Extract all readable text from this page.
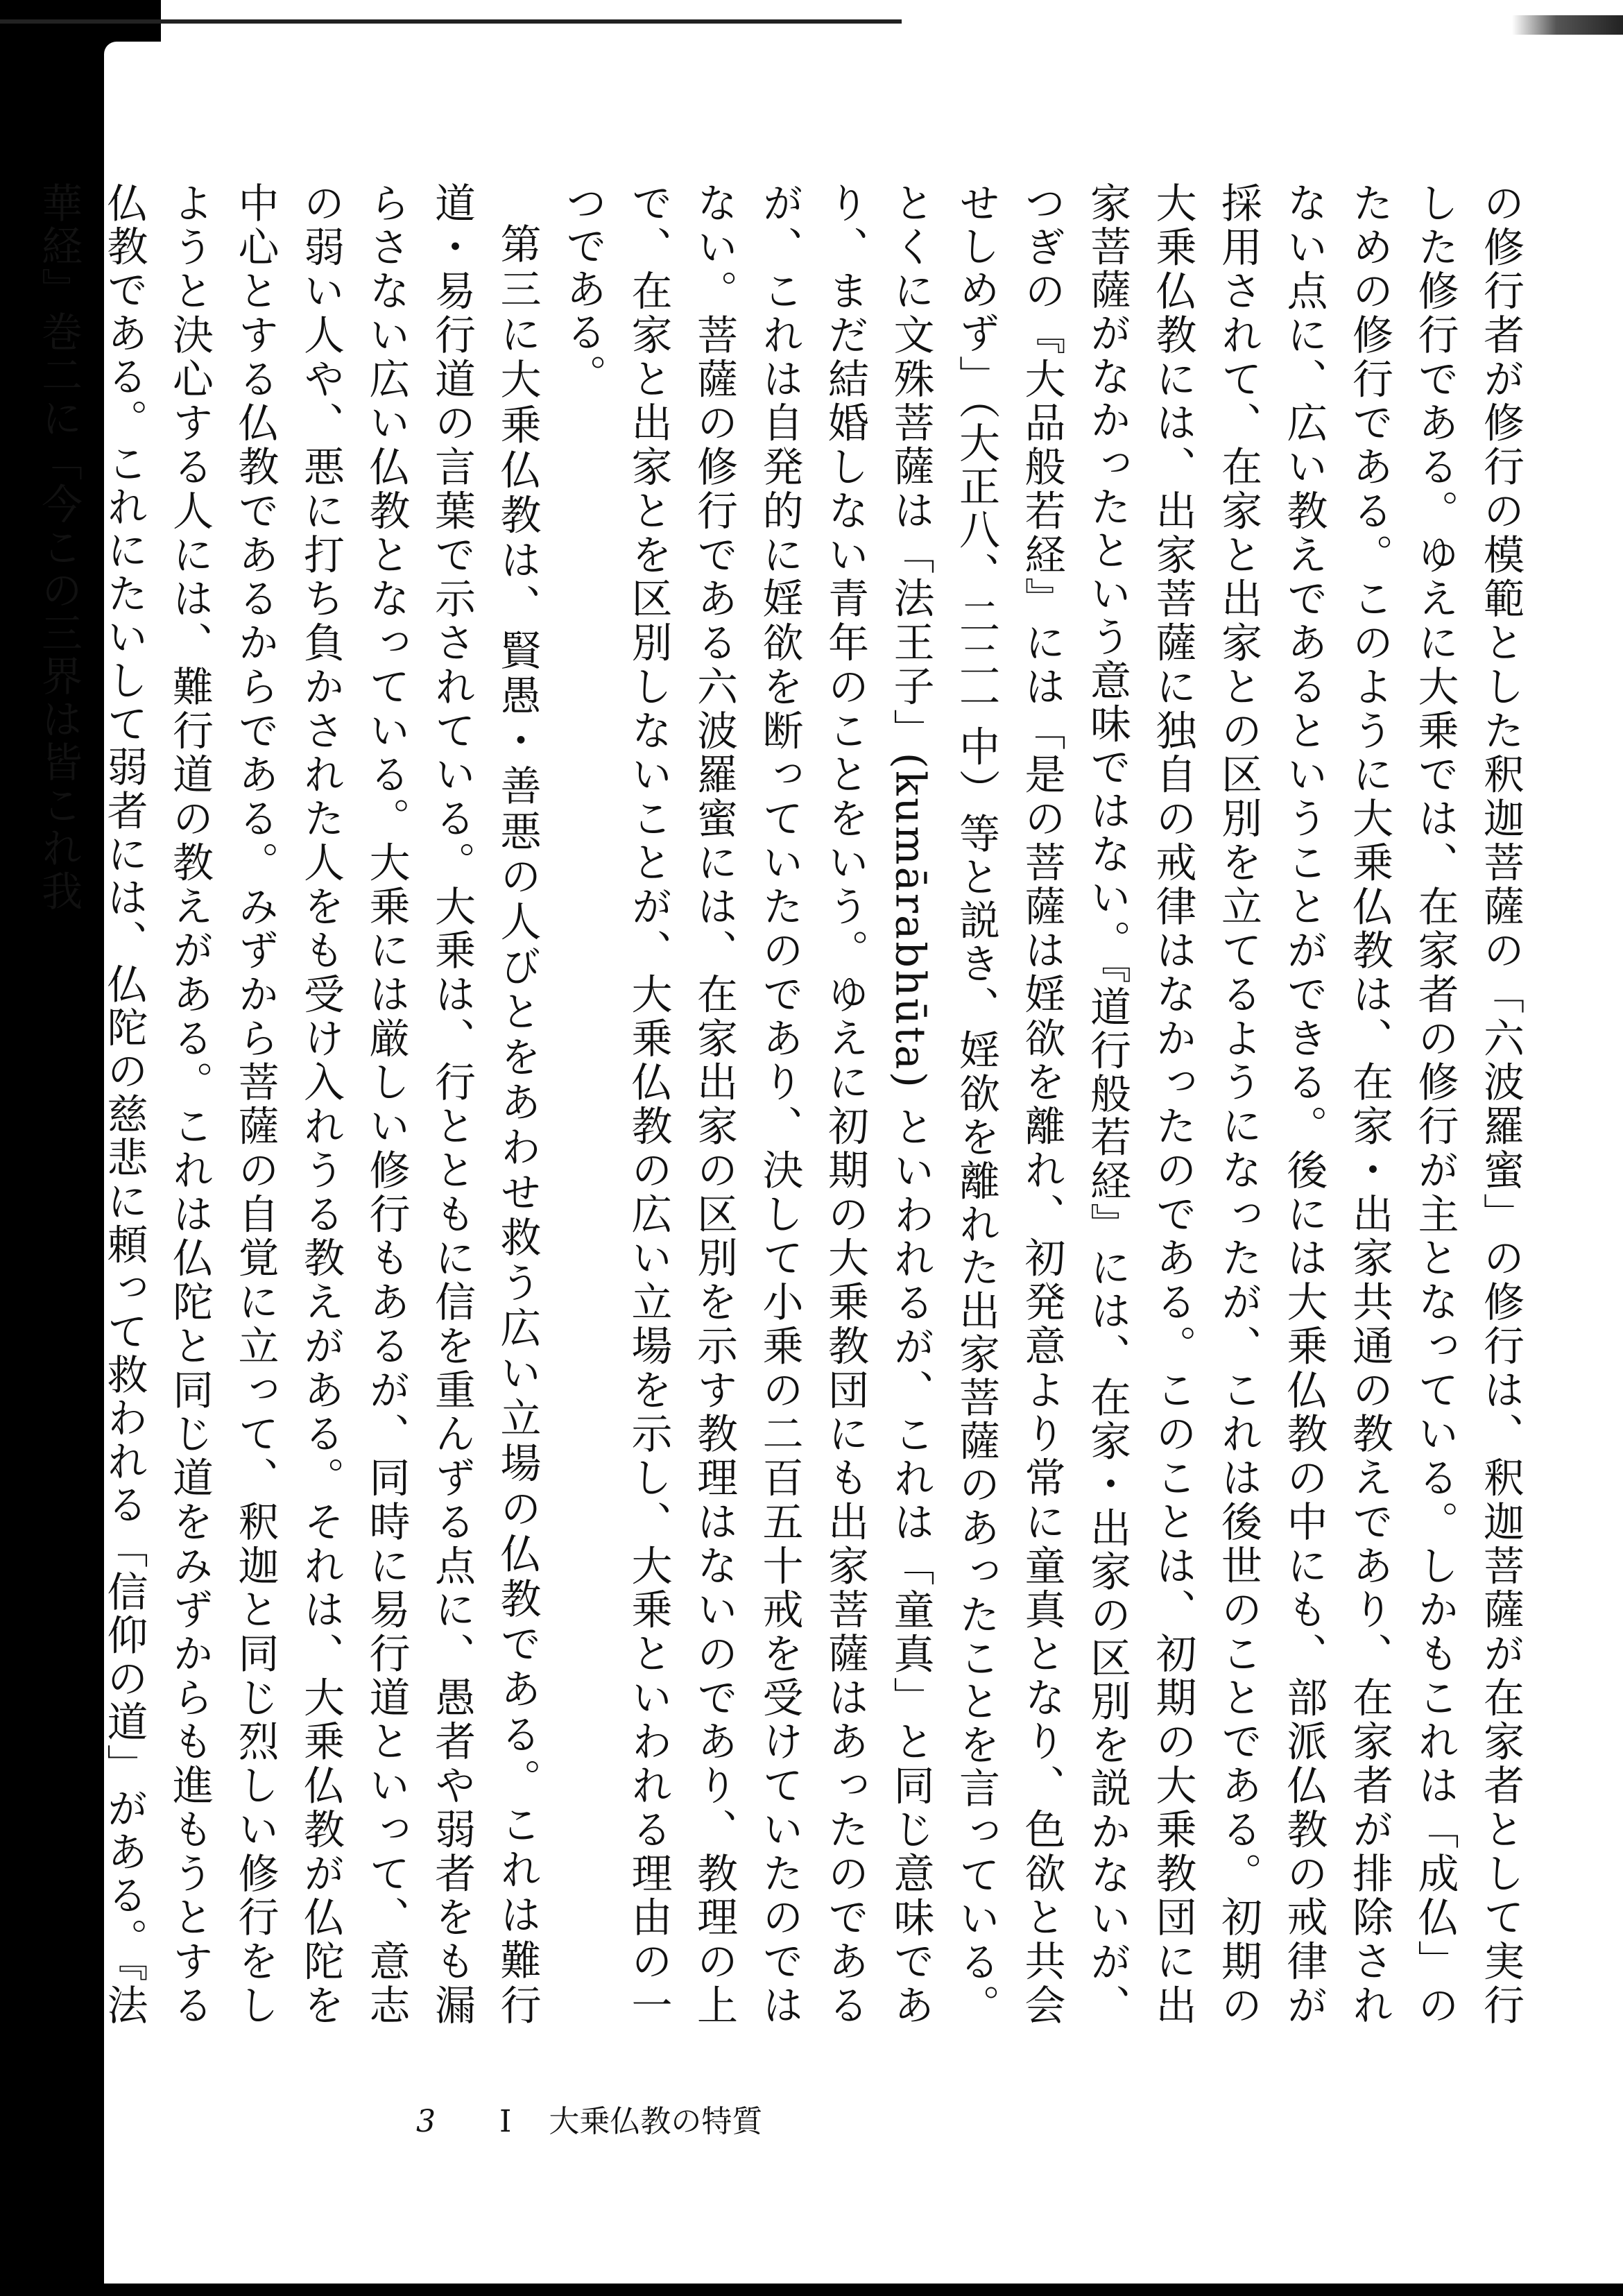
の修行者が修行の模範とした釈迦菩薩の「六波羅蜜」の修行は、釈迦菩薩が在家者として実行した修行である。ゆえに大乗では、在家者の修行が主となっている。しかもこれは「成仏」のための修行である。このように大乗仏教は、在家・出家共通の教えであり、在家者が排除されない点に、広い教えであるということができる。後には大乗仏教の中にも、部派仏教の戒律が採用されて、在家と出家との区別を立てるようになったが、これは後世のことである。初期の大乗仏教には、出家菩薩に独自の戒律はなかったのである。このことは、初期の大乗教団に出家菩薩がなかったという意味ではない。『道行般若経』には、在家・出家の区別を説かないが、つぎの『大品般若経』には「是の菩薩は婬欲を離れ、初発意より常に童真となり、色欲と共会せしめず」（大正八、二二一中）等と説き、婬欲を離れた出家菩薩のあったことを言っている。とくに文殊菩薩は「法王子」(kumārabhūta) といわれるが、これは「童真」と同じ意味であり、まだ結婚しない青年のことをいう。ゆえに初期の大乗教団にも出家菩薩はあったのであるが、これは自発的に婬欲を断っていたのであり、決して小乗の二百五十戒を受けていたのではない。菩薩の修行である六波羅蜜には、在家出家の区別を示す教理はないのであり、教理の上で、在家と出家とを区別しないことが、大乗仏教の広い立場を示し、大乗といわれる理由の一つである。

第三に大乗仏教は、賢愚・善悪の人びとをあわせ救う広い立場の仏教である。これは難行道・易行道の言葉で示されている。大乗は、行とともに信を重んずる点に、愚者や弱者をも漏らさない広い仏教となっている。大乗には厳しい修行もあるが、同時に易行道といって、意志の弱い人や、悪に打ち負かされた人をも受け入れうる教えがある。それは、大乗仏教が仏陀を中心とする仏教であるからである。みずから菩薩の自覚に立って、釈迦と同じ烈しい修行をしようと決心する人には、難行道の教えがある。これは仏陀と同じ道をみずからも進もうとする仏教である。これにたいして弱者には、仏陀の慈悲に頼って救われる「信仰の道」がある。『法華経』巻二に「今この三界は皆これ我

3 I 大乗仏教の特質
